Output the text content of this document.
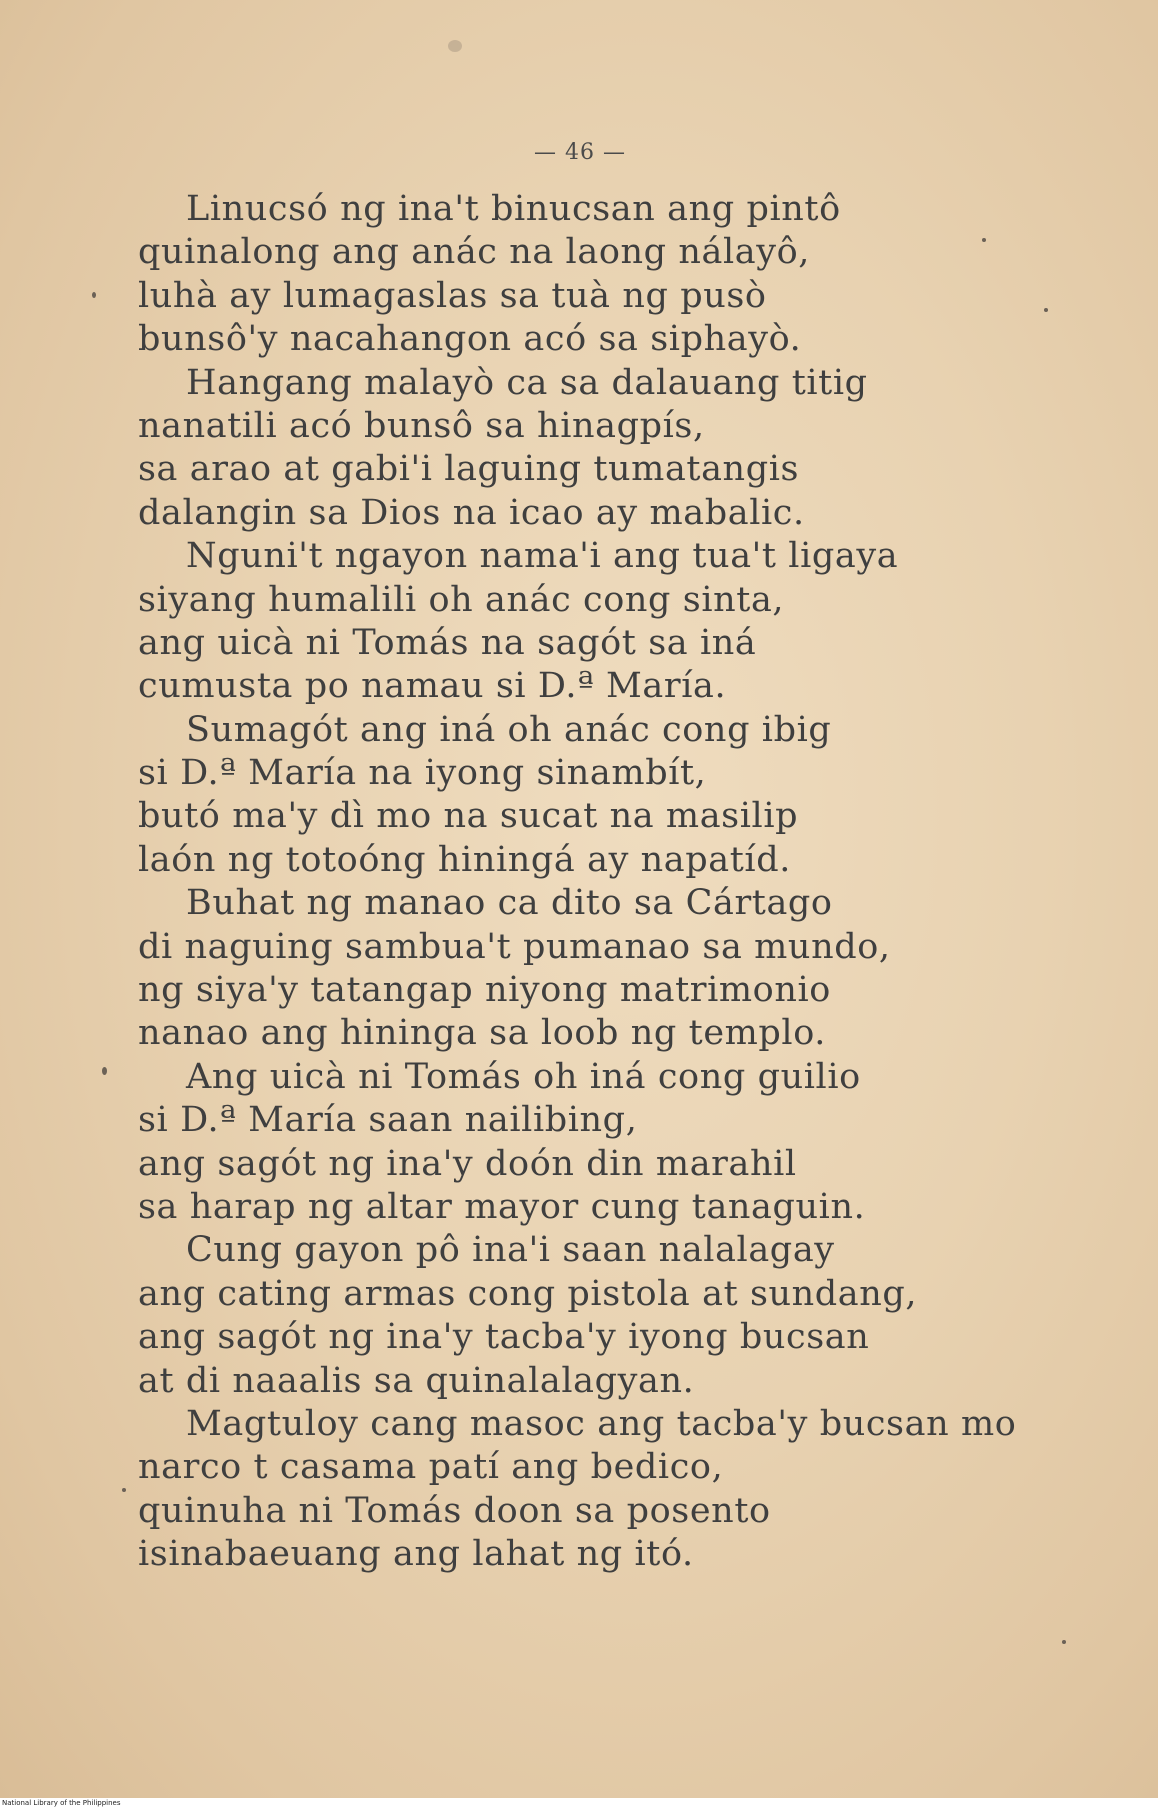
— 46 —
Linucsó ng ina't binucsan ang pintô
quinalong ang anác na laong nálayô,
luhà ay lumagaslas sa tuà ng pusò
bunsô'y nacahangon acó sa siphayò.
Hangang malayò ca sa dalauang titig
nanatili acó bunsô sa hinagpís,
sa arao at gabi'i laguing tumatangis
dalangin sa Dios na icao ay mabalic.
Nguni't ngayon nama'i ang tua't ligaya
siyang humalili oh anác cong sinta,
ang uicà ni Tomás na sagót sa iná
cumusta po namau si D.ª María.
Sumagót ang iná oh anác cong ibig
si D.ª María na iyong sinambít,
butó ma'y dì mo na sucat na masilip
laón ng totoóng hiningá ay napatíd.
Buhat ng manao ca dito sa Cártago
di naguing sambua't pumanao sa mundo,
ng siya'y tatangap niyong matrimonio
nanao ang hininga sa loob ng templo.
Ang uicà ni Tomás oh iná cong guilio
si D.ª María saan nailibing,
ang sagót ng ina'y doón din marahil
sa harap ng altar mayor cung tanaguin.
Cung gayon pô ina'i saan nalalagay
ang cating armas cong pistola at sundang,
ang sagót ng ina'y tacba'y iyong bucsan
at di naaalis sa quinalalagyan.
Magtuloy cang masoc ang tacba'y bucsan mo
narco t casama patí ang bedico,
quinuha ni Tomás doon sa posento
isinabaeuang ang lahat ng itó.
National Library of the Philippines
